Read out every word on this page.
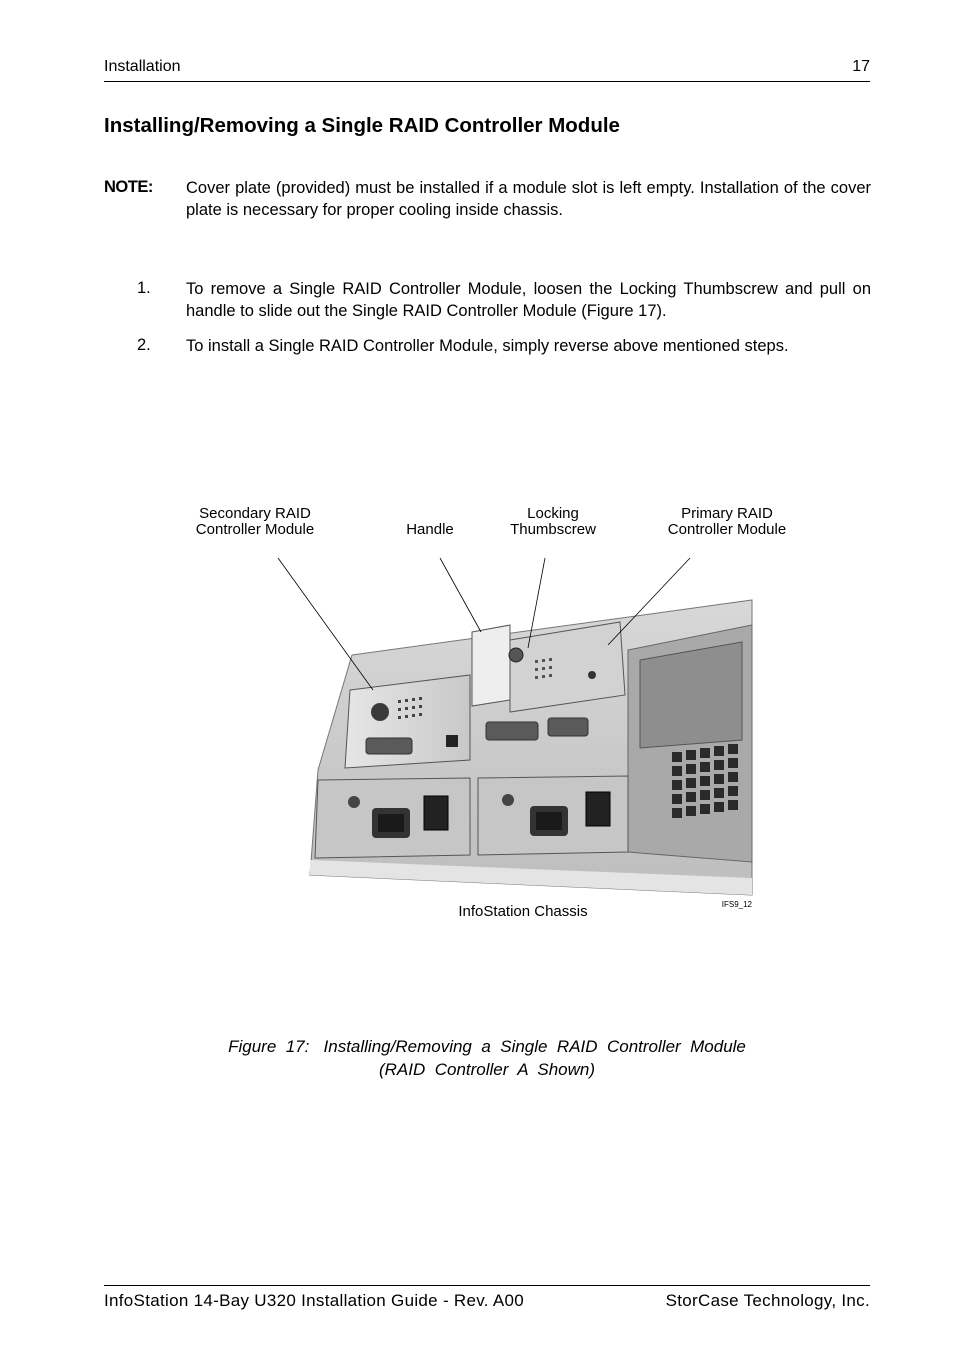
Installation	17
Installing/Removing a Single RAID Controller Module
NOTE: Cover plate (provided) must be installed if a module slot is left empty. Installation of the cover plate is necessary for proper cooling inside chassis.
1. To remove a Single RAID Controller Module, loosen the Locking Thumbscrew and pull on handle to slide out the Single RAID Controller Module (Figure 17).
2. To install a Single RAID Controller Module, simply reverse above mentioned steps.
Secondary RAID
Controller Module	Handle
Locking
Thumbscrew
Primary RAID
Controller Module
InfoStation Chassis	IFS9_12
Figure  17:   Installing/Removing  a  Single  RAID  Controller  Module
(RAID  Controller  A  Shown)
InfoStation 14-Bay U320 Installation Guide - Rev. A00	StorCase Technology, Inc.
